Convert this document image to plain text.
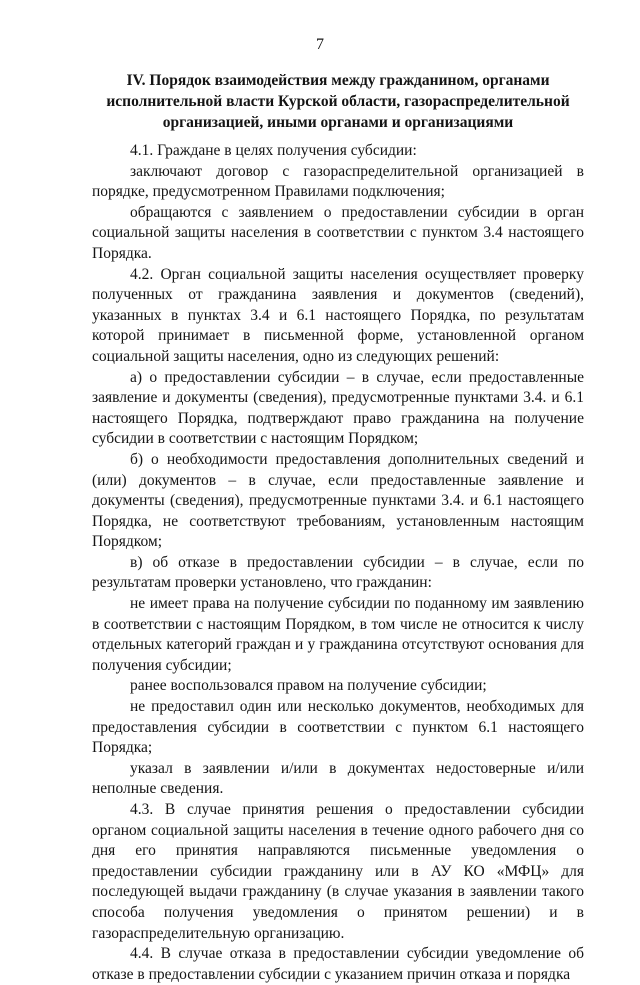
7
IV. Порядок взаимодействия между гражданином, органами исполнительной власти Курской области, газораспределительной организацией, иными органами и организациями

4.1. Граждане в целях получения субсидии:

заключают договор с газораспределительной организацией в порядке, предусмотренном Правилами подключения;

обращаются с заявлением о предоставлении субсидии в орган социальной защиты населения в соответствии с пунктом 3.4 настоящего Порядка.

4.2. Орган социальной защиты населения осуществляет проверку полученных от гражданина заявления и документов (сведений), указанных в пунктах 3.4 и 6.1 настоящего Порядка, по результатам которой принимает в письменной форме, установленной органом социальной защиты населения, одно из следующих решений:

а) о предоставлении субсидии – в случае, если предоставленные заявление и документы (сведения), предусмотренные пунктами 3.4. и 6.1 настоящего Порядка, подтверждают право гражданина на получение субсидии в соответствии с настоящим Порядком;

б) о необходимости предоставления дополнительных сведений и (или) документов – в случае, если предоставленные заявление и документы (сведения), предусмотренные пунктами 3.4. и 6.1 настоящего Порядка, не соответствуют требованиям, установленным настоящим Порядком;

в) об отказе в предоставлении субсидии – в случае, если по результатам проверки установлено, что гражданин:

не имеет права на получение субсидии по поданному им заявлению в соответствии с настоящим Порядком, в том числе не относится к числу отдельных категорий граждан и у гражданина отсутствуют основания для получения субсидии;

ранее воспользовался правом на получение субсидии;

не предоставил один или несколько документов, необходимых для предоставления субсидии в соответствии с пунктом 6.1 настоящего Порядка;

указал в заявлении и/или в документах недостоверные и/или неполные сведения.

4.3. В случае принятия решения о предоставлении субсидии органом социальной защиты населения в течение одного рабочего дня со дня его принятия направляются письменные уведомления о предоставлении субсидии гражданину или в АУ КО «МФЦ» для последующей выдачи гражданину (в случае указания в заявлении такого способа получения уведомления о принятом решении) и в газораспределительную организацию.

4.4. В случае отказа в предоставлении субсидии уведомление об отказе в предоставлении субсидии с указанием причин отказа и порядка
